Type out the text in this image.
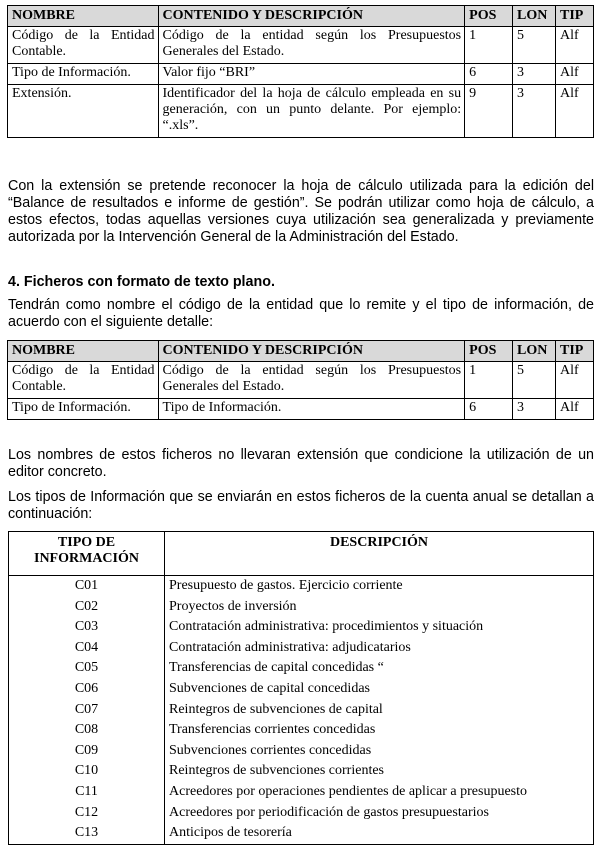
NOMBRE	CONTENIDO Y DESCRIPCIÓN	POS	LON	TIP
Código de la Entidad Contable.	Código de la entidad según los Presupuestos Generales del Estado.	1	5	Alf
Tipo de Información.	Valor fijo “BRI”	6	3	Alf
Extensión.	Identificador del la hoja de cálculo empleada en su generación, con un punto delante. Por ejemplo: “.xls”.	9	3	Alf
Con la extensión se pretende reconocer la hoja de cálculo utilizada para la edición del “Balance de resultados e informe de gestión”. Se podrán utilizar como hoja de cálculo, a estos efectos, todas aquellas versiones cuya utilización sea generalizada y previamente autorizada por la Intervención General de la Administración del Estado.
4. Ficheros con formato de texto plano.
Tendrán como nombre el código de la entidad que lo remite y el tipo de información, de acuerdo con el siguiente detalle:
NOMBRE	CONTENIDO Y DESCRIPCIÓN	POS	LON	TIP
Código de la Entidad Contable.	Código de la entidad según los Presupuestos Generales del Estado.	1	5	Alf
Tipo de Información.	Tipo de Información.	6	3	Alf
Los nombres de estos ficheros no llevaran extensión que condicione la utilización de un editor concreto.
Los tipos de Información que se enviarán en estos ficheros de la cuenta anual se detallan a continuación:
TIPO DE INFORMACIÓN	DESCRIPCIÓN
C01	Presupuesto de gastos. Ejercicio corriente
C02	Proyectos de inversión
C03	Contratación administrativa: procedimientos y situación
C04	Contratación administrativa: adjudicatarios
C05	Transferencias de capital concedidas “
C06	Subvenciones de capital concedidas
C07	Reintegros de subvenciones de capital
C08	Transferencias corrientes concedidas
C09	Subvenciones corrientes concedidas
C10	Reintegros de subvenciones corrientes
C11	Acreedores por operaciones pendientes de aplicar a presupuesto
C12	Acreedores por periodificación de gastos presupuestarios
C13	Anticipos de tesorería
